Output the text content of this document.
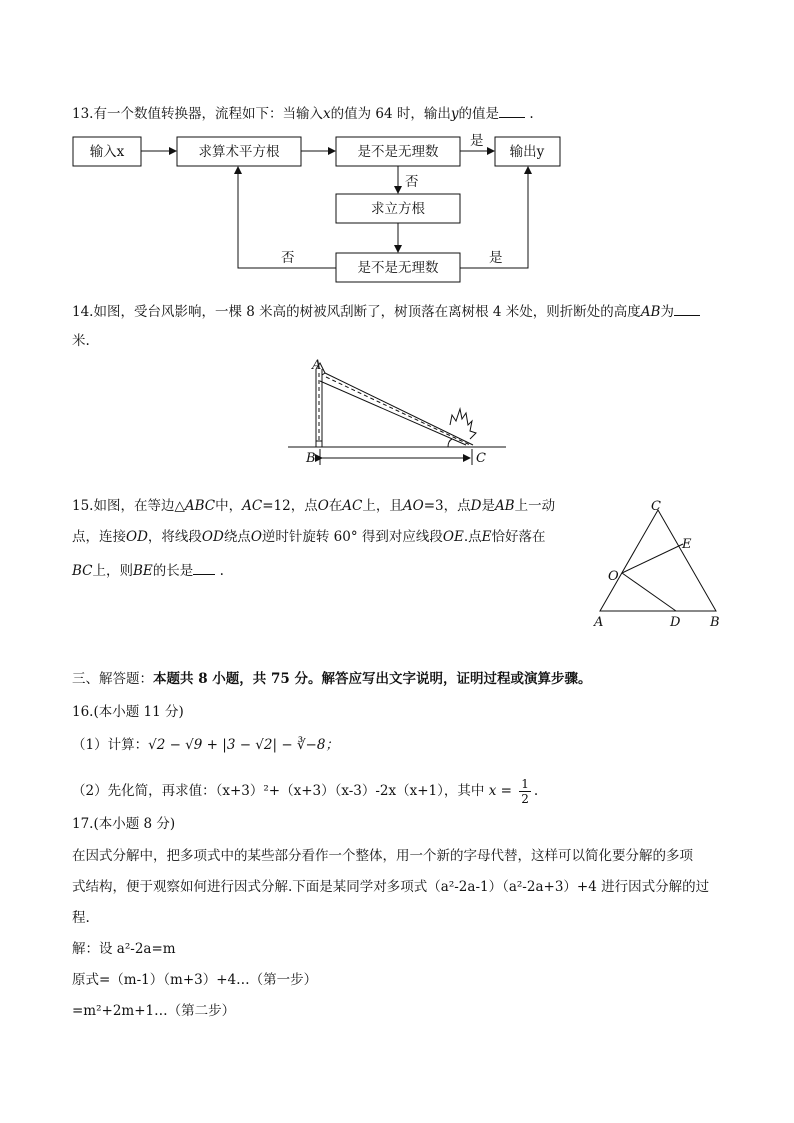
13.有一个数值转换器，流程如下：当输入x的值为 64 时，输出y的值是 .
输入x	求算术平方根	是不是无理数	输出y
求立方根
是不是无理数
是
否
否	是
14.如图，受台风影响，一棵 8 米高的树被风刮断了，树顶落在离树根 4 米处，则折断处的高度AB为
米.
A
B	C
15.如图，在等边△ABC中，AC=12，点O在AC上，且AO=3，点D是AB上一动
点，连接OD，将线段OD绕点O逆时针旋转 60° 得到对应线段OE.点E恰好落在
BC上，则BE的长是 .
C
E
O
A	D B
三、解答题：本题共 8 小题，共 75 分。解答应写出文字说明，证明过程或演算步骤。
16.(本小题 11 分)
（1）计算：√2 − √9 + |3 − √2| − ∛−8；
（2）先化简，再求值：（x+3）²+（x+3）（x-3）-2x（x+1），其中 $x = \frac{1}{2}$ .
17.(本小题 8 分)
在因式分解中，把多项式中的某些部分看作一个整体，用一个新的字母代替，这样可以简化要分解的多项
式结构，便于观察如何进行因式分解.下面是某同学对多项式（a²-2a-1）（a²-2a+3）+4 进行因式分解的过
程.
解：设 a²-2a=m
原式=（m-1）（m+3）+4…（第一步）
=m²+2m+1…（第二步）
